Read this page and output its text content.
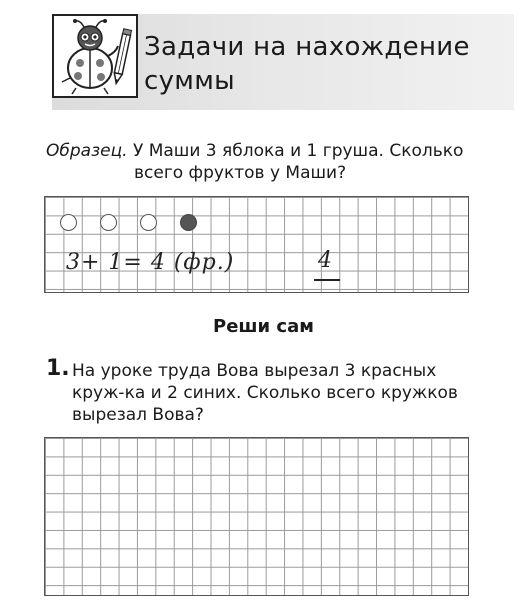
Задачи на нахождение суммы
Образец. У Маши 3 яблока и 1 груша. Сколько
всего фруктов у Маши?
3+ 1= 4 (фр.)	4
Реши сам
1. На уроке труда Вова вырезал 3 красных круж-ка и 2 синих. Сколько всего кружков вырезал Вова?
